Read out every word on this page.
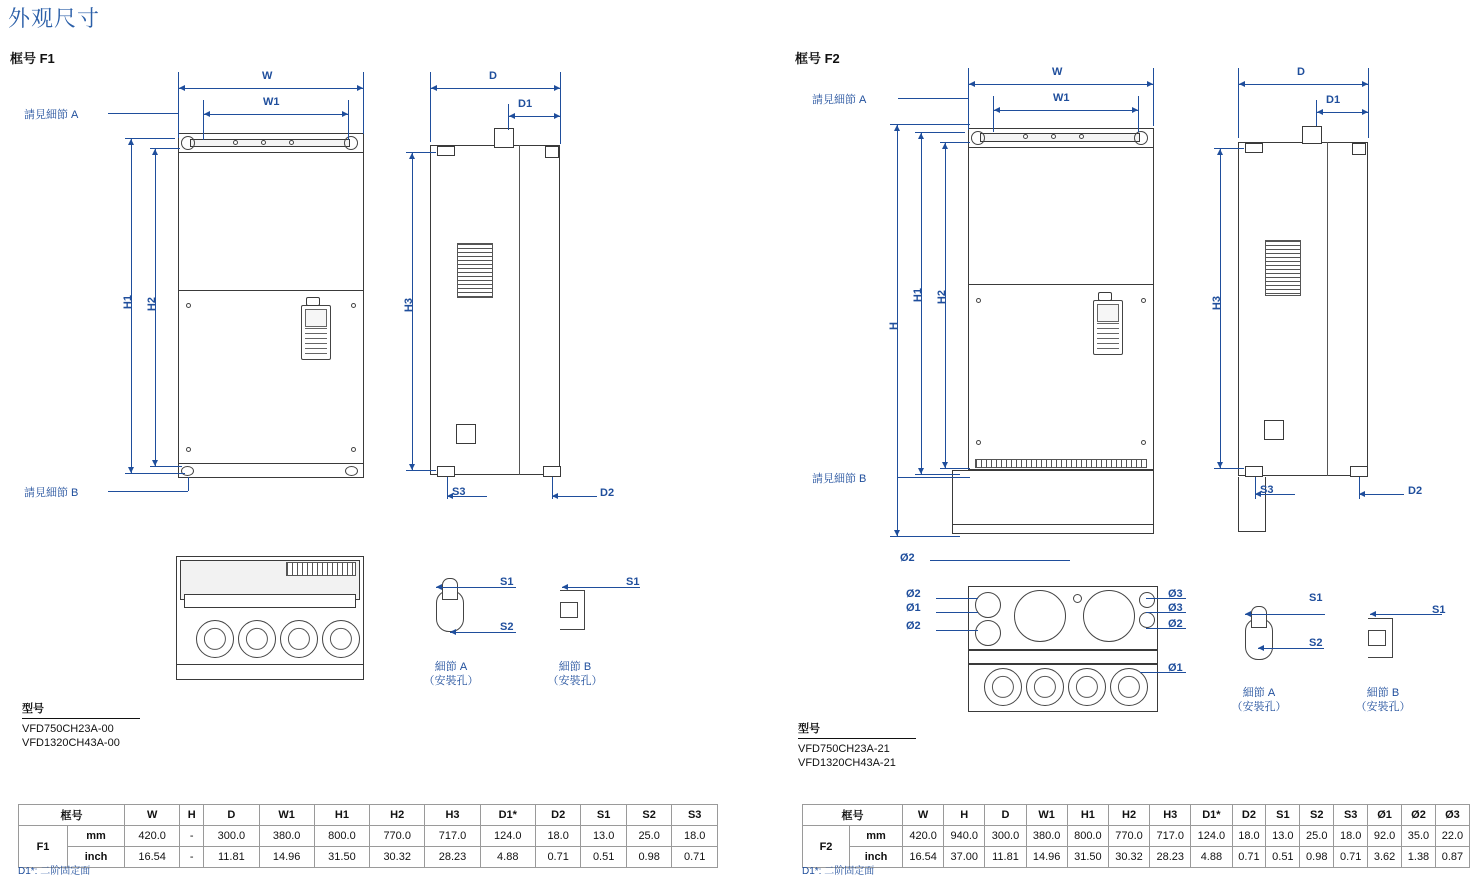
外观尺寸
框号 F1
W
W1
H1 H2
D
D1
H3
S3	D2
請見細節 A
請見細節 B
S1
S2
細節 A
（安裝孔）
S1
細節 B
（安裝孔）
型号
VFD750CH23A-00
VFD1320CH43A-00
框号		W	H	D	W1	H1	H2	H3	D1*	D2	S1	S2	S3
F1	mm	420.0	-	300.0	380.0	800.0	770.0	717.0	124.0	18.0	13.0	25.0	18.0
	inch	16.54	-	11.81	14.96	31.50	30.32	28.23	4.88	0.71	0.51	0.98	0.71
D1*: 二阶固定面
框号 F2
W
W1
H
H1 H2
D
D1
H3
S3	D2
請見細節 A
請見細節 B
Ø2
Ø2
Ø1
Ø2
Ø3
Ø3
Ø2
Ø1
S1
S2
細節 A
（安裝孔）
S1
細節 B
（安裝孔）
型号
VFD750CH23A-21
VFD1320CH43A-21
框号		W	H	D	W1	H1	H2	H3	D1*	D2	S1	S2	S3	Ø1	Ø2	Ø3
F2	mm	420.0	940.0	300.0	380.0	800.0	770.0	717.0	124.0	18.0	13.0	25.0	18.0	92.0	35.0	22.0
	inch	16.54	37.00	11.81	14.96	31.50	30.32	28.23	4.88	0.71	0.51	0.98	0.71	3.62	1.38	0.87
D1*: 二阶固定面
